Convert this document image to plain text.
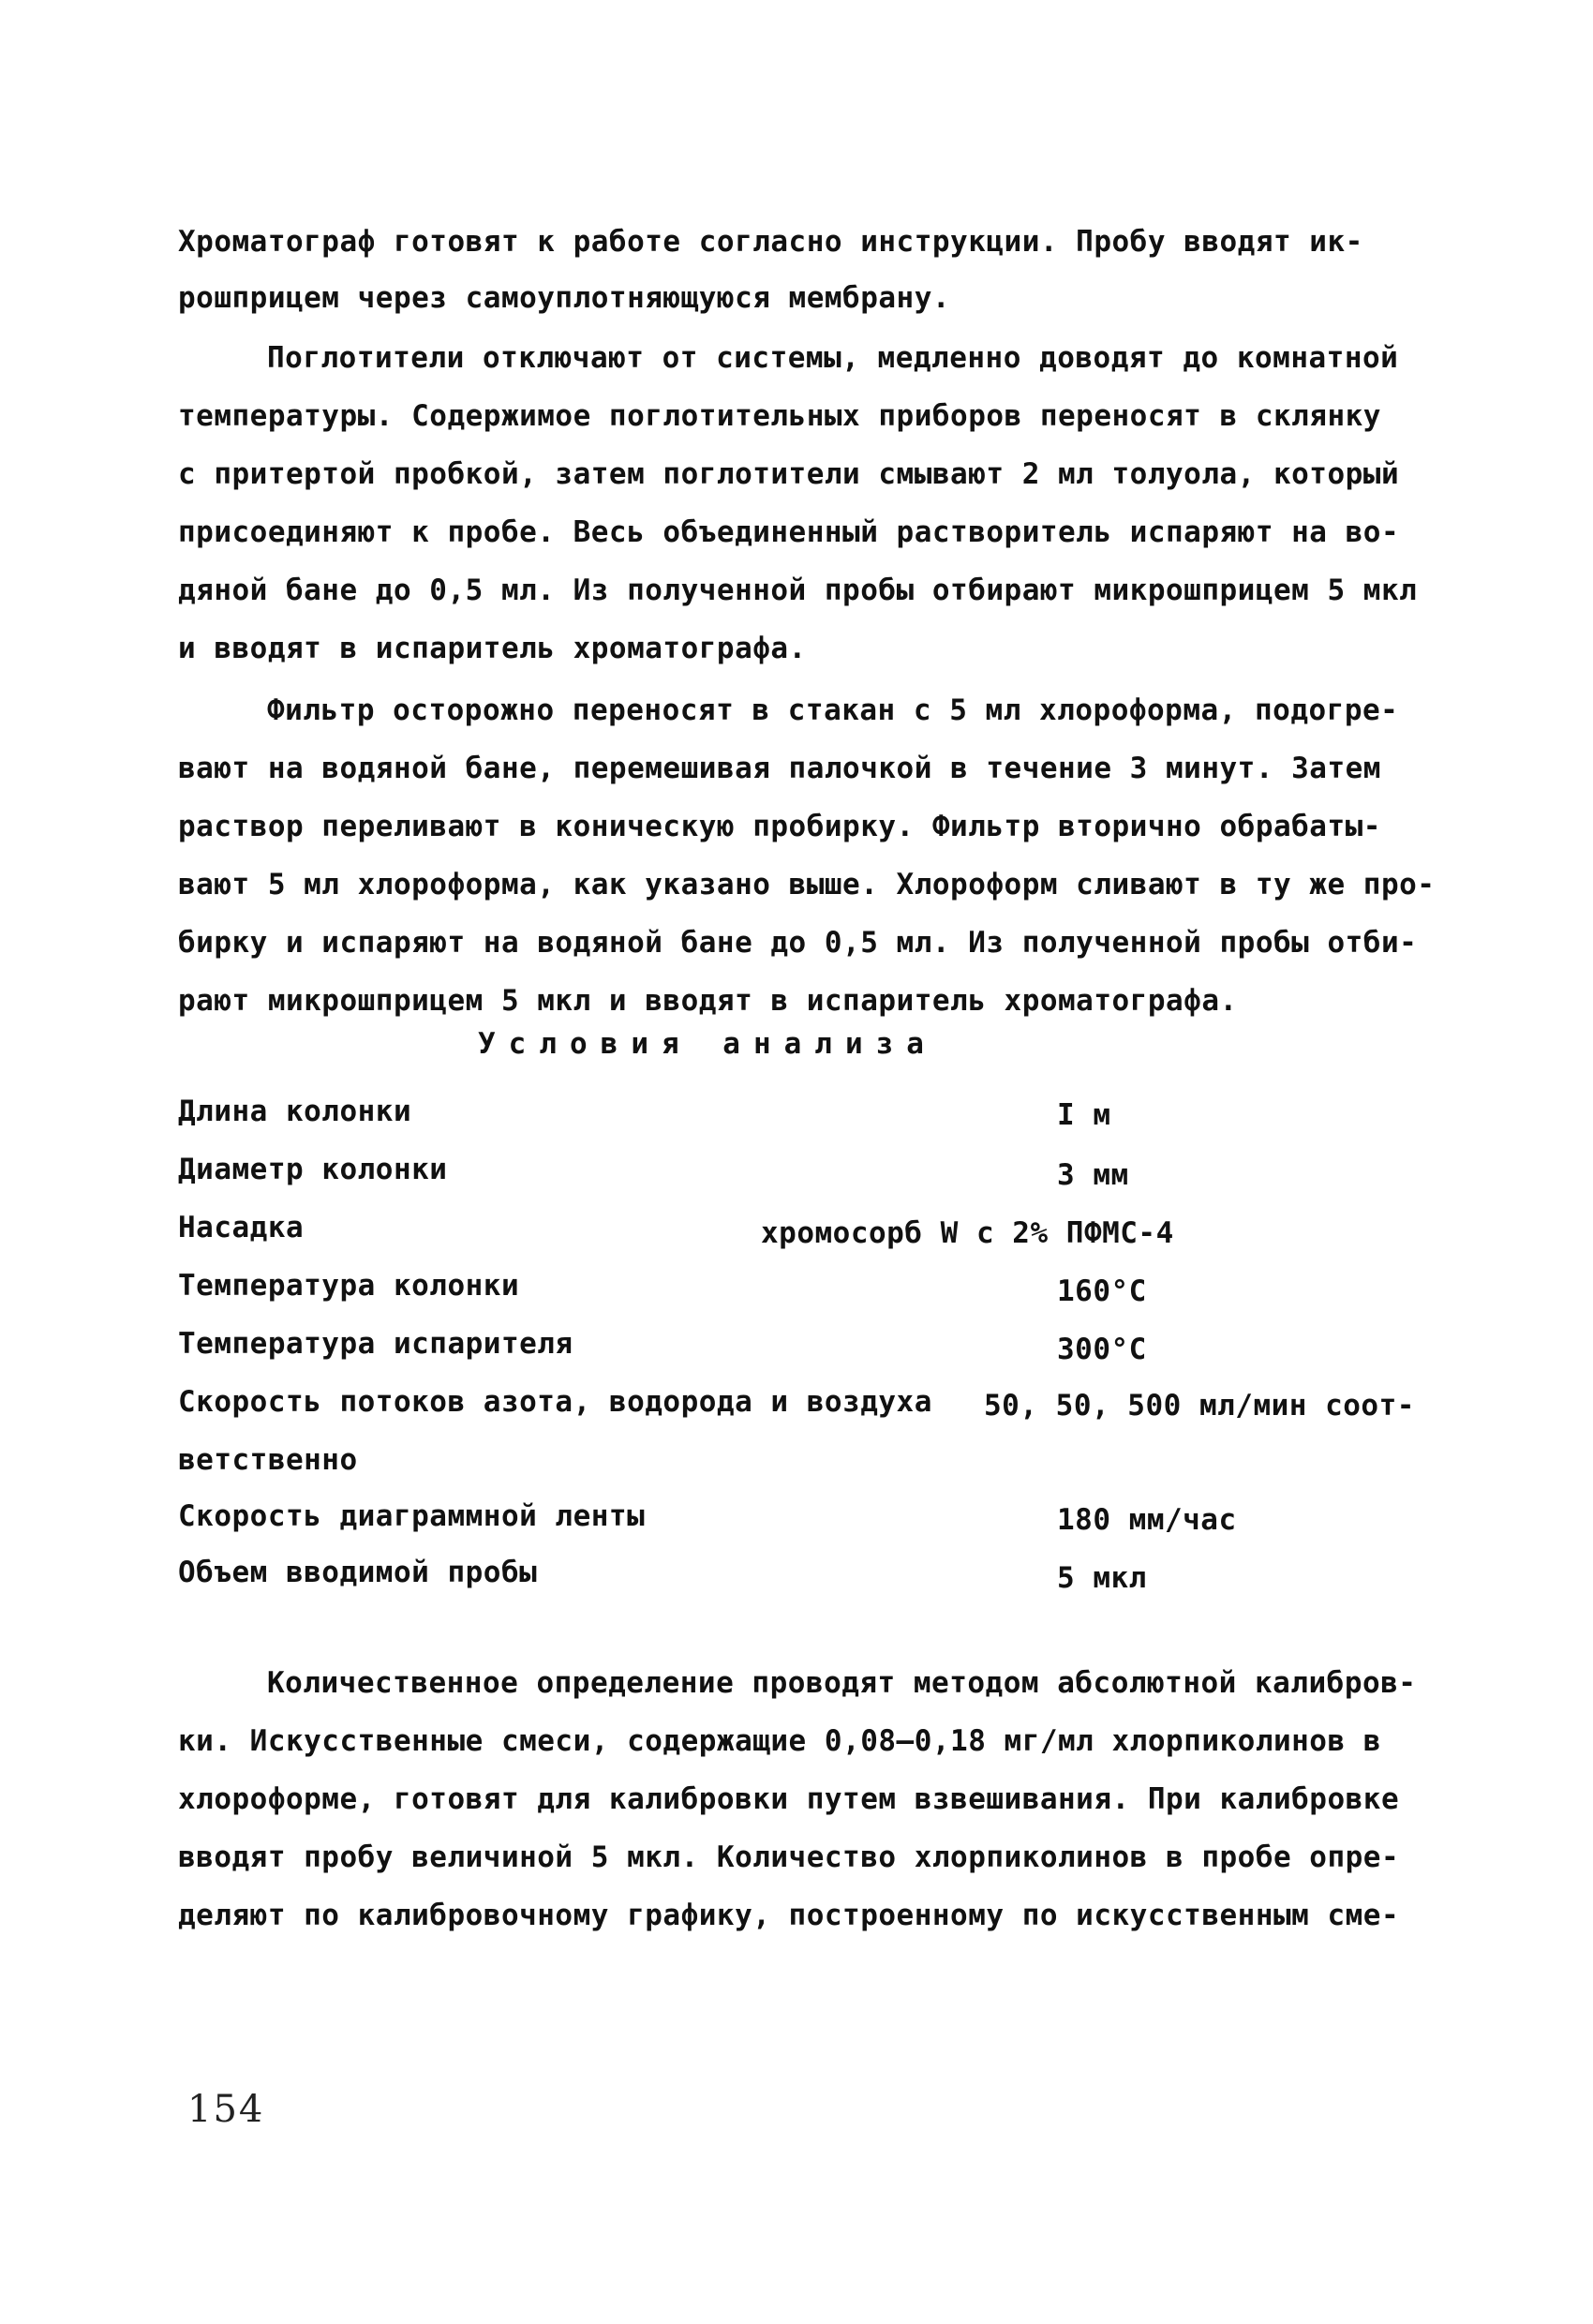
Хроматограф готовят к работе согласно инструкции. Пробу вводят ик-
рошприцем через самоуплотняющуюся мембрану.
Поглотители отключают от системы, медленно доводят до комнатной
температуры. Содержимое поглотительных приборов переносят в склянку
с притертой пробкой, затем поглотители смывают 2 мл толуола, который
присоединяют к пробе. Весь объединенный растворитель испаряют на во-
дяной бане до 0,5 мл. Из полученной пробы отбирают микрошприцем 5 мкл
и вводят в испаритель хроматографа.
Фильтр осторожно переносят в стакан с 5 мл хлороформа, подогре-
вают на водяной бане, перемешивая палочкой в течение 3 минут. Затем
раствор переливают в коническую пробирку. Фильтр вторично обрабаты-
вают 5 мл хлороформа, как указано выше. Хлороформ сливают в ту же про-
бирку и испаряют на водяной бане до 0,5 мл. Из полученной пробы отби-
рают микрошприцем 5 мкл и вводят в испаритель хроматографа.
Условия анализа
Длина колонки	I м
Диаметр колонки	3 мм
Насадка	хромосорб W с 2% ПФМС-4
Температура колонки	160°С
Температура испарителя	300°С
Скорость потоков азота, водорода и воздуха 50, 50, 500 мл/мин соот-
ветственно
Скорость диаграммной ленты	180 мм/час
Объем вводимой пробы	5 мкл
Количественное определение проводят методом абсолютной калибров-
ки. Искусственные смеси, содержащие 0,08–0,18 мг/мл хлорпиколинов в
хлороформе, готовят для калибровки путем взвешивания. При калибровке
вводят пробу величиной 5 мкл. Количество хлорпиколинов в пробе опре-
деляют по калибровочному графику, построенному по искусственным сме-
154
